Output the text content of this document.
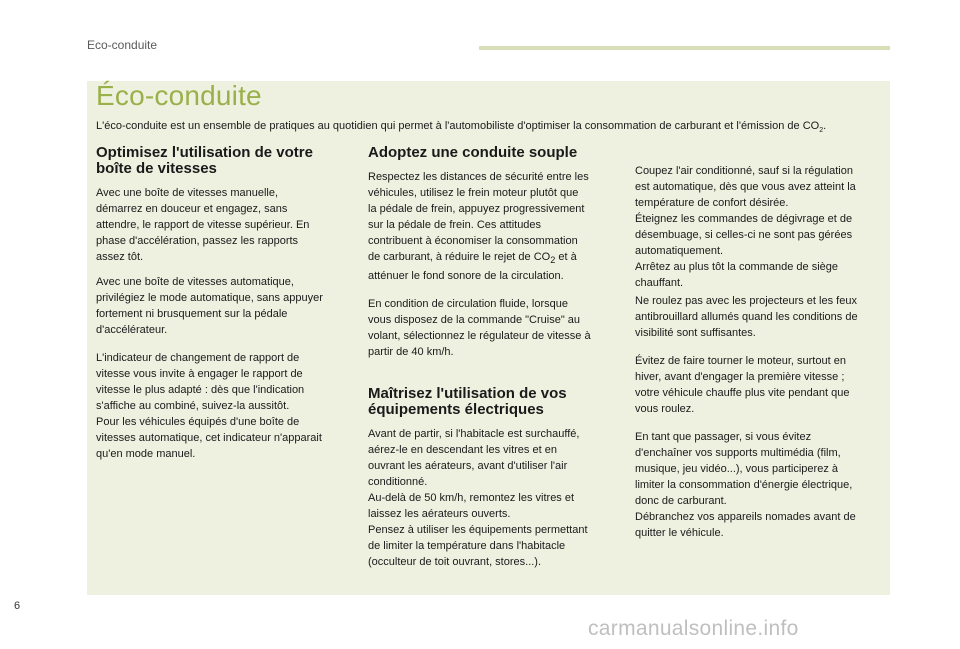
Eco-conduite
Éco-conduite
L'éco-conduite est un ensemble de pratiques au quotidien qui permet à l'automobiliste d'optimiser la consommation de carburant et l'émission de $CO_2$.
Optimisez l'utilisation de votre
boîte de vitesses

Avec une boîte de vitesses manuelle,
démarrez en douceur et engagez, sans
attendre, le rapport de vitesse supérieur. En
phase d'accélération, passez les rapports
assez tôt.

Avec une boîte de vitesses automatique,
privilégiez le mode automatique, sans appuyer
fortement ni brusquement sur la pédale
d'accélérateur.

L'indicateur de changement de rapport de
vitesse vous invite à engager le rapport de
vitesse le plus adapté : dès que l'indication
s'affiche au combiné, suivez-la aussitôt.
Pour les véhicules équipés d'une boîte de
vitesses automatique, cet indicateur n'apparait
qu'en mode manuel.

Adoptez une conduite souple

Respectez les distances de sécurité entre les
véhicules, utilisez le frein moteur plutôt que
la pédale de frein, appuyez progressivement
sur la pédale de frein. Ces attitudes
contribuent à économiser la consommation
de carburant, à réduire le rejet de $CO_2$ et à
atténuer le fond sonore de la circulation.

En condition de circulation fluide, lorsque
vous disposez de la commande "Cruise" au
volant, sélectionnez le régulateur de vitesse à
partir de 40 km/h.

Maîtrisez l'utilisation de vos
équipements électriques

Avant de partir, si l'habitacle est surchauffé,
aérez-le en descendant les vitres et en
ouvrant les aérateurs, avant d'utiliser l'air
conditionné.
Au-delà de 50 km/h, remontez les vitres et
laissez les aérateurs ouverts.
Pensez à utiliser les équipements permettant
de limiter la température dans l'habitacle
(occulteur de toit ouvrant, stores...).

Coupez l'air conditionné, sauf si la régulation
est automatique, dès que vous avez atteint la
température de confort désirée.
Éteignez les commandes de dégivrage et de
désembuage, si celles-ci ne sont pas gérées
automatiquement.
Arrêtez au plus tôt la commande de siège
chauffant.

Ne roulez pas avec les projecteurs et les feux
antibrouillard allumés quand les conditions de
visibilité sont suffisantes.

Évitez de faire tourner le moteur, surtout en
hiver, avant d'engager la première vitesse ;
votre véhicule chauffe plus vite pendant que
vous roulez.

En tant que passager, si vous évitez
d'enchaîner vos supports multimédia (film,
musique, jeu vidéo...), vous participerez à
limiter la consommation d'énergie électrique,
donc de carburant.
Débranchez vos appareils nomades avant de
quitter le véhicule.

6
carmanualsonline.info
